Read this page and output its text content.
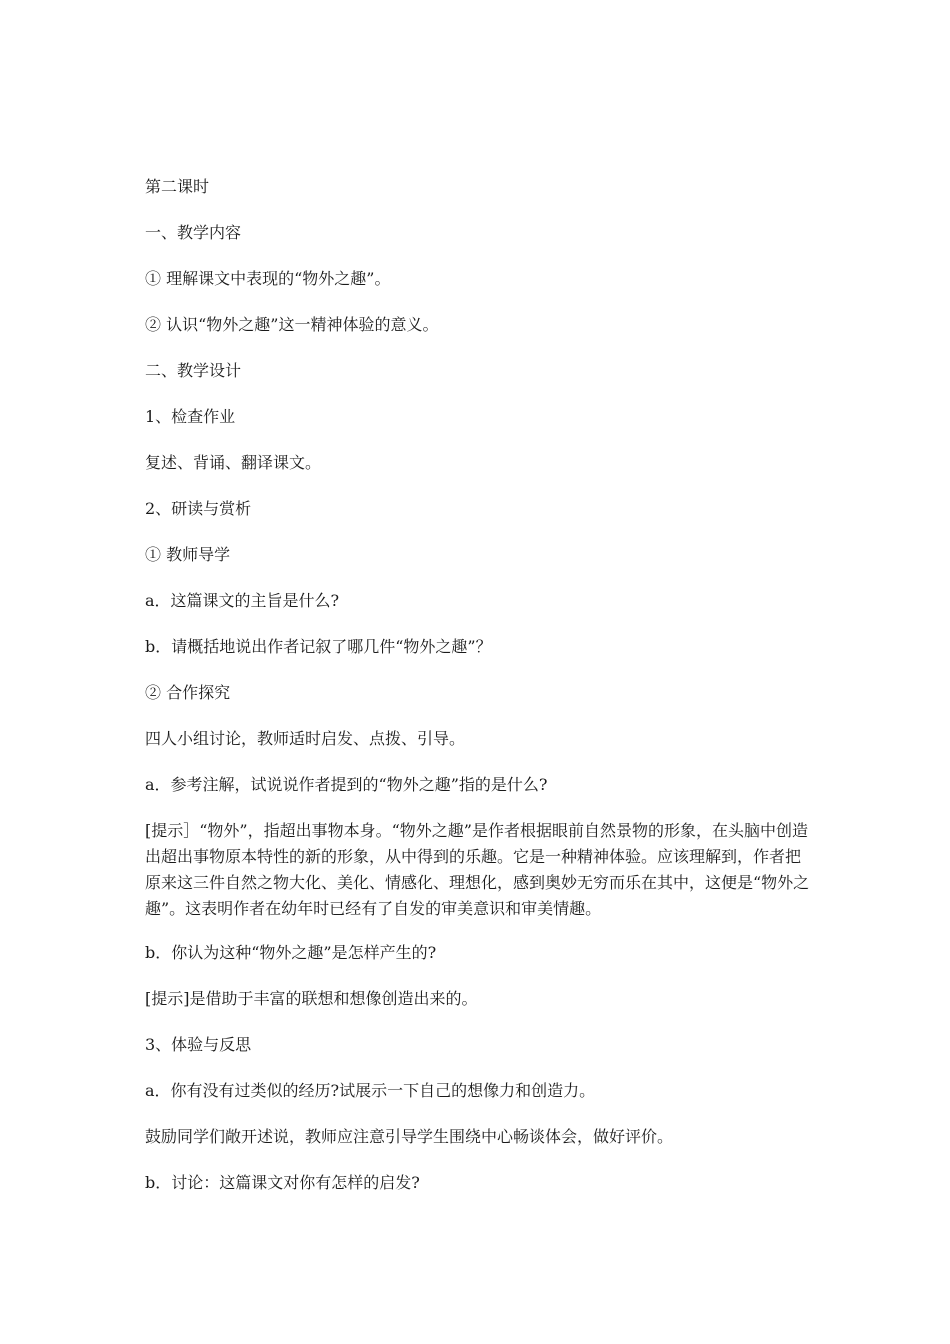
第二课时

一、教学内容

① 理解课文中表现的“物外之趣”。

② 认识“物外之趣”这一精神体验的意义。

二、教学设计

1、检查作业

复述、背诵、翻译课文。

2、研读与赏析

① 教师导学

a．这篇课文的主旨是什么?

b．请概括地说出作者记叙了哪几件“物外之趣”？

② 合作探究

四人小组讨论，教师适时启发、点拨、引导。

a．参考注解，试说说作者提到的“物外之趣”指的是什么?

[提示］“物外”，指超出事物本身。“物外之趣”是作者根据眼前自然景物的形象，在头脑中创造出超出事物原本特性的新的形象，从中得到的乐趣。它是一种精神体验。应该理解到，作者把原来这三件自然之物大化、美化、情感化、理想化，感到奥妙无穷而乐在其中，这便是“物外之趣”。这表明作者在幼年时已经有了自发的审美意识和审美情趣。

b．你认为这种“物外之趣”是怎样产生的?

[提示]是借助于丰富的联想和想像创造出来的。

3、体验与反思

a．你有没有过类似的经历?试展示一下自己的想像力和创造力。

鼓励同学们敞开述说，教师应注意引导学生围绕中心畅谈体会，做好评价。

b．讨论：这篇课文对你有怎样的启发?
